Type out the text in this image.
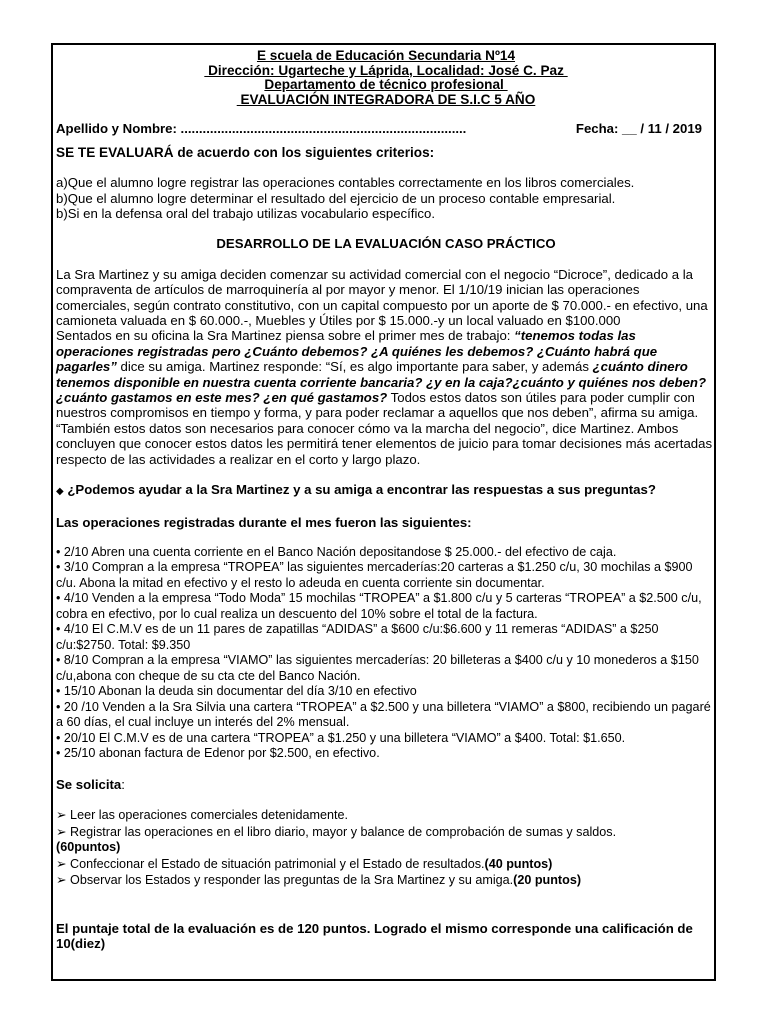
E scuela de Educación Secundaria Nº14
Dirección: Ugarteche y Láprida, Localidad: José C. Paz
Departamento de técnico profesional
EVALUACIÓN INTEGRADORA DE S.I.C 5 AÑO
Apellido y Nombre: ..............................................................................	Fecha: __ / 11 / 2019

SE TE EVALUARÁ de acuerdo con los siguientes criterios:

a)Que el alumno logre registrar las operaciones contables correctamente en los libros comerciales.

b)Que el alumno logre determinar el resultado del ejercicio de un proceso contable empresarial.

b)Si en la defensa oral del trabajo utilizas vocabulario específico.

DESARROLLO DE LA EVALUACIÓN CASO PRÁCTICO

La Sra Martinez y su amiga deciden comenzar su actividad comercial con el negocio “Dicroce”, dedicado a la compraventa de artículos de marroquinería al por mayor y menor. El 1/10/19 inician las operaciones comerciales, según contrato constitutivo, con un capital compuesto por un aporte de $ 70.000.- en efectivo, una camioneta valuada en $ 60.000.-, Muebles y Útiles por $ 15.000.-y un local valuado en $100.000

Sentados en su oficina la Sra Martinez piensa sobre el primer mes de trabajo: “tenemos todas las operaciones registradas pero ¿Cuánto debemos? ¿A quiénes les debemos? ¿Cuánto habrá que pagarles” dice su amiga. Martinez responde: “Sí, es algo importante para saber, y además ¿cuánto dinero tenemos disponible en nuestra cuenta corriente bancaria? ¿y en la caja?¿cuánto y quiénes nos deben?¿cuánto gastamos en este mes? ¿en qué gastamos? Todos estos datos son útiles para poder cumplir con nuestros compromisos en tiempo y forma, y para poder reclamar a aquellos que nos deben”, afirma su amiga. “También estos datos son necesarios para conocer cómo va la marcha del negocio”, dice Martinez. Ambos concluyen que conocer estos datos les permitirá tener elementos de juicio para tomar decisiones más acertadas respecto de las actividades a realizar en el corto y largo plazo.

◆ ¿Podemos ayudar a la Sra Martinez y a su amiga a encontrar las respuestas a sus preguntas?

Las operaciones registradas durante el mes fueron las siguientes:

• 2/10 Abren una cuenta corriente en el Banco Nación depositandose $ 25.000.- del efectivo de caja.
• 3/10 Compran a la empresa “TROPEA” las siguientes mercaderías:20 carteras a $1.250 c/u, 30 mochilas a $900 c/u. Abona la mitad en efectivo y el resto lo adeuda en cuenta corriente sin documentar.
• 4/10 Venden a la empresa “Todo Moda” 15 mochilas “TROPEA” a $1.800 c/u y 5 carteras “TROPEA” a $2.500 c/u, cobra en efectivo, por lo cual realiza un descuento del 10% sobre el total de la factura.
• 4/10 El C.M.V es de un 11 pares de zapatillas “ADIDAS” a $600 c/u:$6.600 y 11 remeras “ADIDAS” a $250 c/u:$2750. Total: $9.350
• 8/10 Compran a la empresa “VIAMO” las siguientes mercaderías: 20 billeteras a $400 c/u y 10 monederos a $150 c/u,abona con cheque de su cta cte del Banco Nación.
• 15/10 Abonan la deuda sin documentar del día 3/10 en efectivo
• 20 /10 Venden a la Sra Silvia una cartera “TROPEA” a $2.500 y una billetera “VIAMO” a $800, recibiendo un pagaré a 60 días, el cual incluye un interés del 2% mensual.
• 20/10 El C.M.V es de una cartera “TROPEA” a $1.250 y una billetera “VIAMO” a $400. Total: $1.650.
• 25/10 abonan factura de Edenor por $2.500, en efectivo.

Se solicita:

➢ Leer las operaciones comerciales detenidamente.
➢ Registrar las operaciones en el libro diario, mayor y balance de comprobación de sumas y saldos.
(60puntos)
➢ Confeccionar el Estado de situación patrimonial y el Estado de resultados.(40 puntos)
➢ Observar los Estados y responder las preguntas de la Sra Martinez y su amiga.(20 puntos)

El puntaje total de la evaluación es de 120 puntos. Logrado el mismo corresponde una calificación de 10(diez)
